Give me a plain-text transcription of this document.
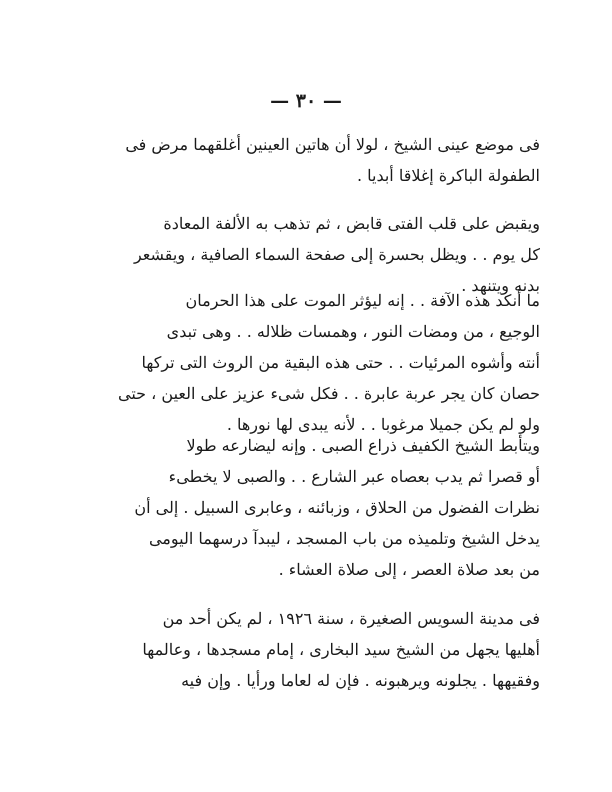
— ٣٠ —
فى موضع عينى الشيخ ، لولا أن هاتين العينين أغلقهما مرض فى
الطفولة الباكرة إغلاقا أبديا .
ويقبض على قلب الفتى قابض ، ثم تذهب به الألفة المعادة
كل يوم . . ويظل بحسرة إلى صفحة السماء الصافية ، ويقشعر
بدنه ويتنهد .
ما أنكد هذه الآفة . . إنه ليؤثر الموت على هذا الحرمان
الوجيع ، من ومضات النور ، وهمسات ظلاله . . وهى تبدى
أنته وأشوه المرئيات . . حتى هذه البقية من الروث التى تركها
حصان كان يجر عربة عابرة . . فكل شىء عزيز على العين ، حتى
ولو لم يكن جميلا مرغوبا . . لأنه يبدى لها نورها .
ويتأبط الشيخ الكفيف ذراع الصبى . وإنه ليضارعه طولا
أو قصرا ثم يدب بعصاه عبر الشارع . . والصبى لا يخطىء
نظرات الفضول من الحلاق ، وزبائنه ، وعابرى السبيل . إلى أن
يدخل الشيخ وتلميذه من باب المسجد ، ليبدآ درسهما اليومى
من بعد صلاة العصر ، إلى صلاة العشاء .
فى مدينة السويس الصغيرة ، سنة ١٩٢٦ ، لم يكن أحد من
أهليها يجهل من الشيخ سيد البخارى ، إمام مسجدها ، وعالمها
وفقيهها . يجلونه ويرهبونه . فإن له لعاما ورأيا . وإن فيه
